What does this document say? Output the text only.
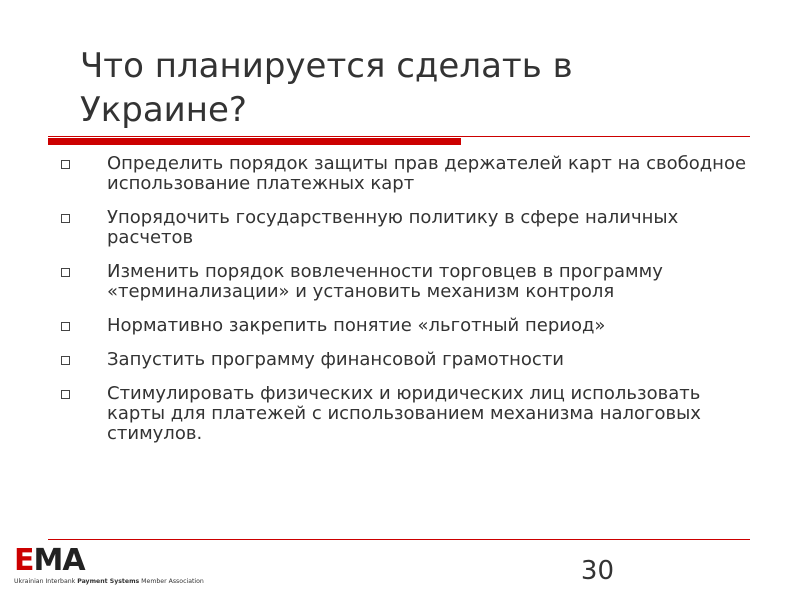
Что планируется сделать в Украине?
Определить порядок защиты прав держателей карт на свободное использование платежных карт
Упорядочить государственную политику в сфере наличных расчетов
Изменить порядок вовлеченности торговцев в программу «терминализации» и установить механизм контроля
Нормативно закрепить понятие «льготный период»
Запустить программу финансовой грамотности
Стимулировать физических и юридических лиц использовать карты для платежей с использованием механизма налоговых стимулов.
30
ЕMA
Ukrainian Interbank Payment Systems Member Association
